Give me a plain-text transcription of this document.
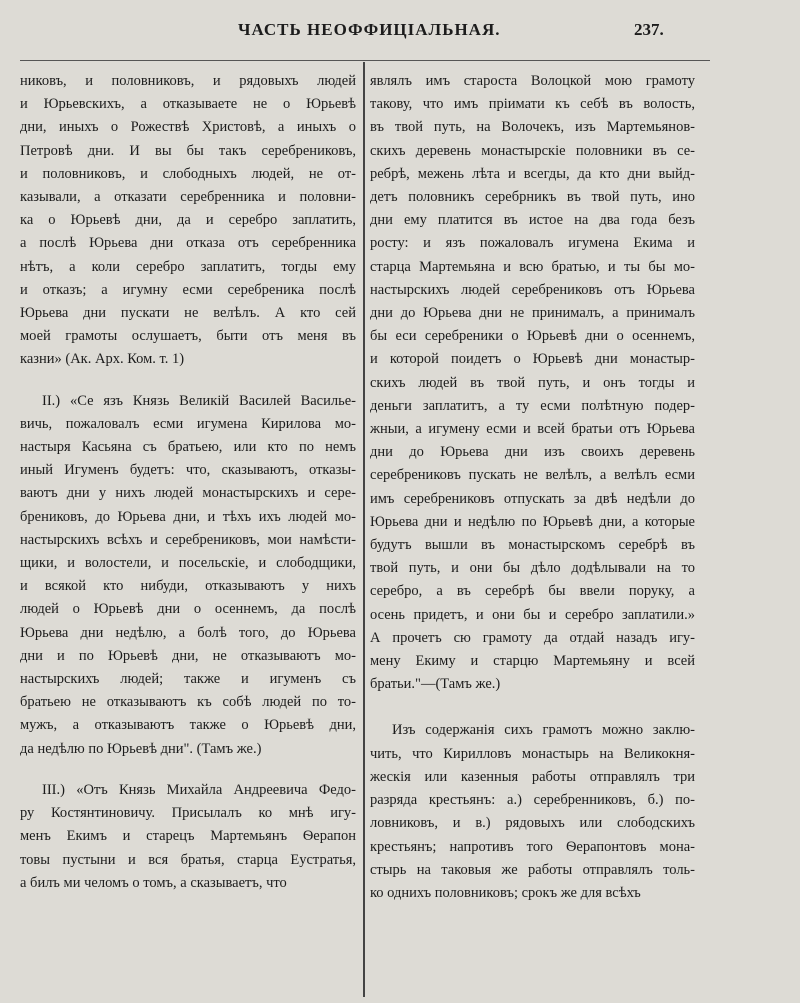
ЧАСТЬ НЕОФФИЦІАЛЬНАЯ.	237.
никовъ, и половниковъ, и рядовыхъ людей
и Юрьевскихъ, а отказываете не о Юрьевѣ
дни, иныхъ о Рожествѣ Христовѣ, а иныхъ о
Петровѣ дни. И вы бы такъ серебрениковъ,
и половниковъ, и слободныхъ людей, не от-
казывали, а отказати серебренника и половни-
ка о Юрьевѣ дни, да и серебро заплатить,
а послѣ Юрьева дни отказа отъ серебренника
нѣтъ, а коли серебро заплатитъ, тогды ему
и отказъ; а игумну есми серебреника послѣ
Юрьева дни пускати не велѣлъ. А кто сей
моей грамоты ослушаетъ, быти отъ меня въ
казни» (Ак. Арх. Ком. т. 1)
II.) «Се язъ Князь Великій Василей Василье-
вичь, пожаловалъ есми игумена Кирилова мо-
настыря Касьяна съ братьею, или кто по немъ
иный Игуменъ будетъ: что, сказываютъ, отказы-
ваютъ дни у нихъ людей монастырскихъ и сере-
брениковъ, до Юрьева дни, и тѣхъ ихъ людей мо-
настырскихъ всѣхъ и серебрениковъ, мои намѣсти-
щики, и волостели, и посельскіе, и слободщики,
и всякой кто нибуди, отказываютъ у нихъ
людей о Юрьевѣ дни о осеннемъ, да послѣ
Юрьева дни недѣлю, а болѣ того, до Юрьева
дни и по Юрьевѣ дни, не отказываютъ мо-
настырскихъ людей; также и игуменъ съ
братьею не отказываютъ къ собѣ людей по то-
мужъ, а отказываютъ также о Юрьевѣ дни,
да недѣлю по Юрьевѣ дни". (Тамъ же.)
III.) «Отъ Князь Михайла Андреевича Федо-
ру Костянтиновичу. Присылалъ ко мнѣ игу-
менъ Екимъ и старецъ Мартемьянъ Ѳерапон
товы пустыни и вся братья, старца Еустратья,
а билъ ми челомъ о томъ, а сказываетъ, что
являлъ имъ старостa Волоцкой мою грамоту
такову, что имъ пріимати къ себѣ въ волость,
въ твой путь, на Волочекъ, изъ Мартемьянов-
скихъ деревень монастырскіе половники въ се-
ребрѣ, межень лѣта и всегды, да кто дни выйд-
детъ половникъ серебрникъ въ твой путь, ино
дни ему платится въ истое на два года безъ
росту: и язъ пожаловалъ игумена Екима и
старца Мартемьяна и всю братью, и ты бы мо-
настырскихъ людей серебрениковъ отъ Юрьева
дни до Юрьева дни не принималъ, а принималъ
бы еси серебреники о Юрьевѣ дни о осеннемъ,
и которой поидетъ о Юрьевѣ дни монастыр-
скихъ людей въ твой путь, и онъ тогды и
деньги заплатитъ, а ту есми полѣтную подер-
жныи, а игумену есми и всей братьи отъ Юрьева
дни до Юрьева дни изъ своихъ деревень
серебрениковъ пускать не велѣлъ, а велѣлъ есми
имъ серебрениковъ отпускать за двѣ недѣли до
Юрьева дни и недѣлю по Юрьевѣ дни, а которые
будутъ вышли въ монастырскомъ серебрѣ въ
твой путь, и они бы дѣло додѣлывали на то
серебро, а въ серебрѣ бы ввели поруку, а
осень придетъ, и они бы и серебро заплатили.»
А прочетъ сю грамоту да отдай назадъ игу-
мену Екиму и старцю Мартемьяну и всей
братьи."—(Тамъ же.)
Изъ содержанія сихъ грамотъ можно заклю-
чить, что Кирилловъ монастырь на Великокня-
жескія или казенныя работы отправлялъ три
разряда крестьянъ: а.) серебренниковъ, б.) по-
ловниковъ, и в.) рядовыхъ или слободскихъ
крестьянъ; напротивъ того Ѳерапонтовъ мона-
стырь на таковыя же работы отправлялъ толь-
ко однихъ половниковъ; срокъ же для всѣхъ
